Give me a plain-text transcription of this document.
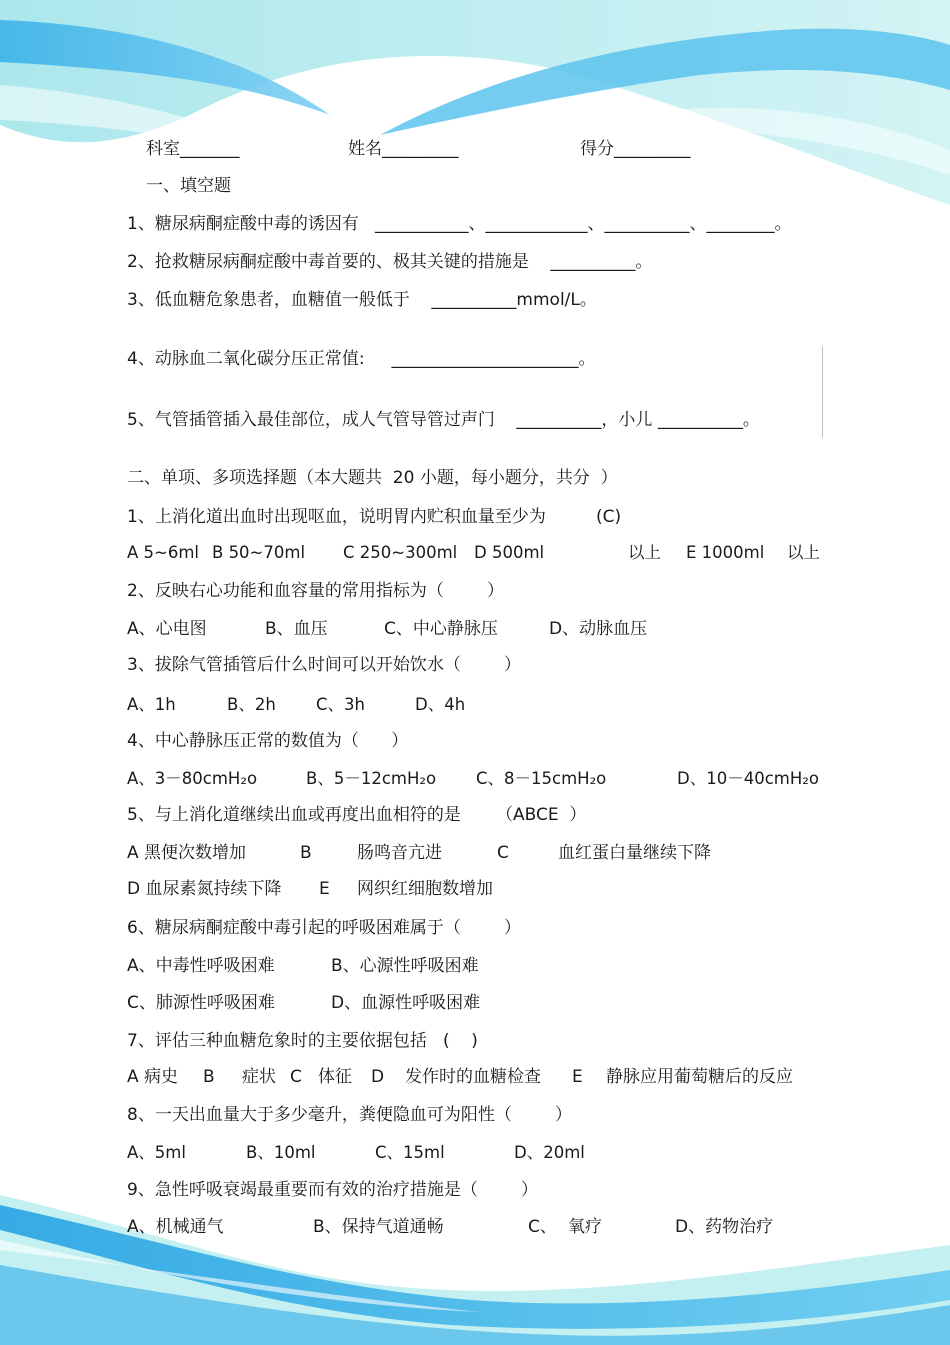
科室_______	姓名_________	得分_________
一、填空题
1、糖尿病酮症酸中毒的诱因有   ___________、____________、__________、________。
2、抢救糖尿病酮症酸中毒首要的、极其关键的措施是    __________。
3、低血糖危象患者，血糖值一般低于    __________mmol/L。
4、动脉血二氧化碳分压正常值:     ______________________。
5、气管插管插入最佳部位，成人气管导管过声门    __________，小儿 __________。
二、单项、多项选择题（本大题共  20 小题，每小题分，共分  ）
1、上消化道出血时出现呕血，说明胃内贮积血量至少为	(C)
A 5~6ml B 50~70ml C 250~300ml D 500ml	以上 E 1000ml 以上
2、反映右心功能和血容量的常用指标为（        ）
A、心电图	B、血压	C、中心静脉压	D、动脉血压
3、拔除气管插管后什么时间可以开始饮水（        ）
A、1h	B、2h C、3h	D、4h
4、中心静脉压正常的数值为（      ）
A、3－80cmH₂o	B、5－12cmH₂o C、8－15cmH₂o	D、10－40cmH₂o
5、与上消化道继续出血或再度出血相符的是 （ABCE  ）
A 黑便次数增加	B	肠鸣音亢进	C	血红蛋白量继续下降
D 血尿素氮持续下降 E 网织红细胞数增加
6、糖尿病酮症酸中毒引起的呼吸困难属于（        ）
A、中毒性呼吸困难	B、心源性呼吸困难
C、肺源性呼吸困难	D、血源性呼吸困难
7、评估三种血糖危象时的主要依据包括   (    )
A 病史 B 症状 C 体征 D 发作时的血糖检查 E 静脉应用葡萄糖后的反应
8、一天出血量大于多少毫升，粪便隐血可为阳性（        ）
A、5ml	B、10ml	C、15ml	D、20ml
9、急性呼吸衰竭最重要而有效的治疗措施是（        ）
A、机械通气	B、保持气道通畅	C、 氧疗	D、药物治疗
